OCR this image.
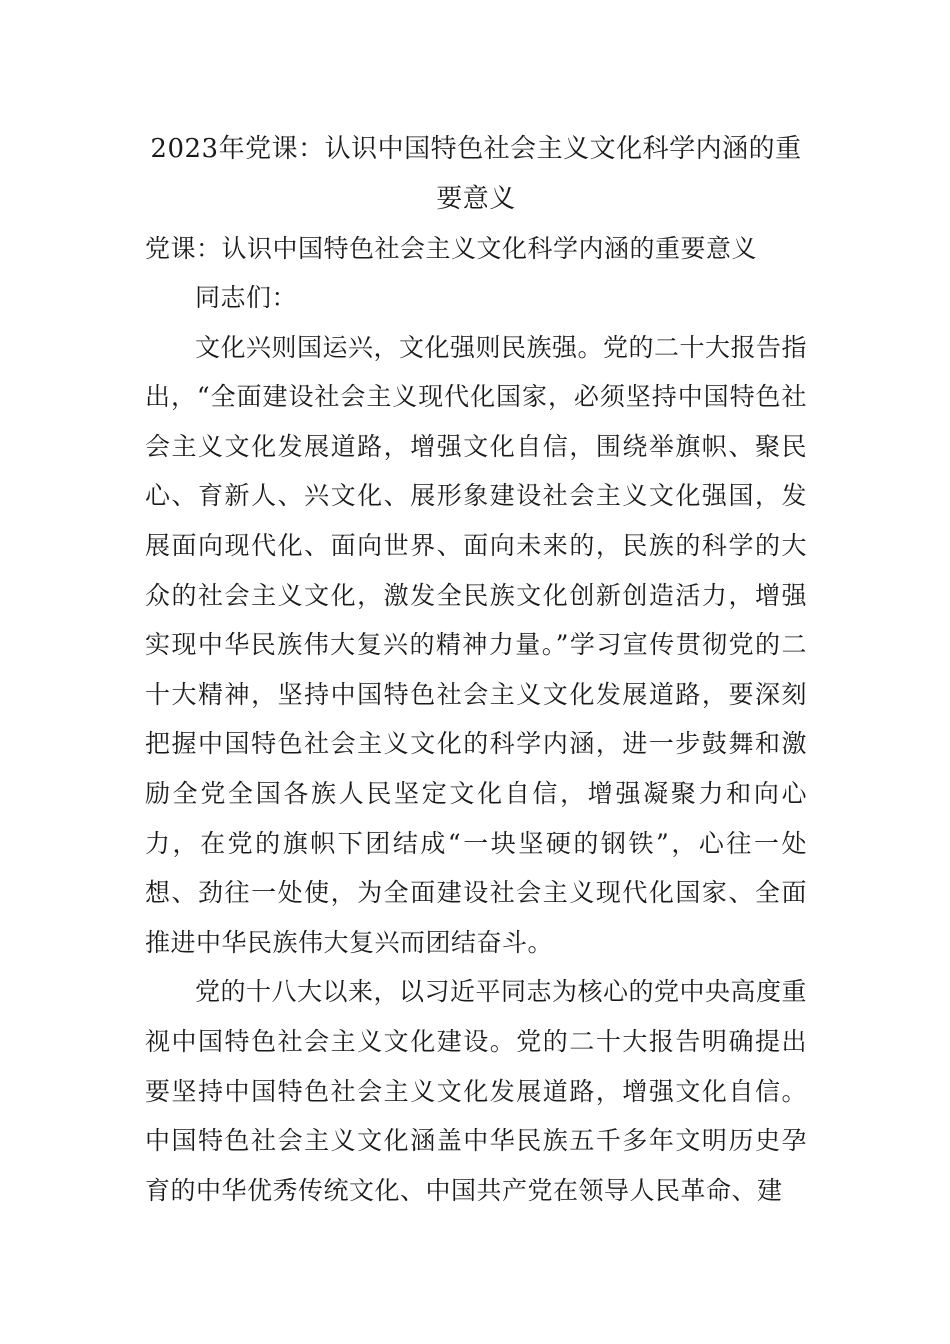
2023年党课：认识中国特色社会主义文化科学内涵的重要意义

党课：认识中国特色社会主义文化科学内涵的重要意义

同志们：

文化兴则国运兴，文化强则民族强。党的二十大报告指出，“全面建设社会主义现代化国家，必须坚持中国特色社会主义文化发展道路，增强文化自信，围绕举旗帜、聚民心、育新人、兴文化、展形象建设社会主义文化强国，发展面向现代化、面向世界、面向未来的，民族的科学的大众的社会主义文化，激发全民族文化创新创造活力，增强实现中华民族伟大复兴的精神力量。”学习宣传贯彻党的二十大精神，坚持中国特色社会主义文化发展道路，要深刻把握中国特色社会主义文化的科学内涵，进一步鼓舞和激励全党全国各族人民坚定文化自信，增强凝聚力和向心力，在党的旗帜下团结成“一块坚硬的钢铁”，心往一处想、劲往一处使，为全面建设社会主义现代化国家、全面推进中华民族伟大复兴而团结奋斗。

党的十八大以来，以习近平同志为核心的党中央高度重视中国特色社会主义文化建设。党的二十大报告明确提出要坚持中国特色社会主义文化发展道路，增强文化自信。中国特色社会主义文化涵盖中华民族五千多年文明历史孕育的中华优秀传统文化、中国共产党在领导人民革命、建
